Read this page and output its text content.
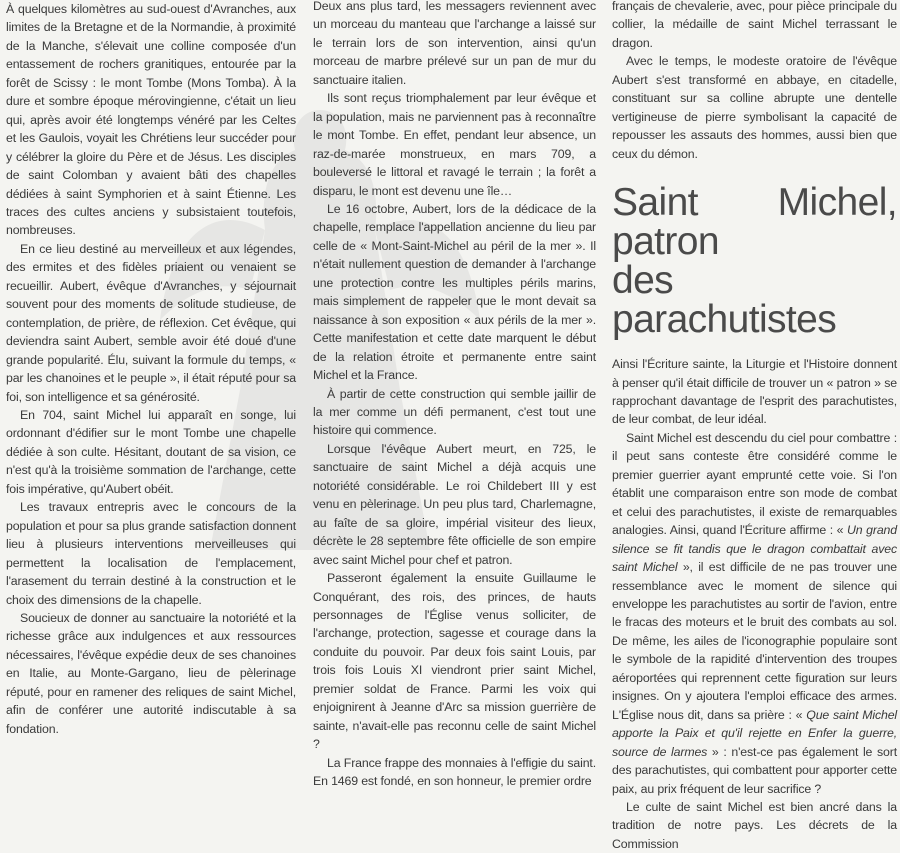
À quelques kilomètres au sud-ouest d'Avranches, aux limites de la Bretagne et de la Normandie, à proximité de la Manche, s'élevait une colline composée d'un entassement de rochers granitiques, entourée par la forêt de Scissy : le mont Tombe (Mons Tomba). À la dure et sombre époque mérovingienne, c'était un lieu qui, après avoir été longtemps vénéré par les Celtes et les Gaulois, voyait les Chrétiens leur succéder pour y célébrer la gloire du Père et de Jésus. Les disciples de saint Colomban y avaient bâti des chapelles dédiées à saint Symphorien et à saint Étienne. Les traces des cultes anciens y subsistaient toutefois, nombreuses.

En ce lieu destiné au merveilleux et aux légendes, des ermites et des fidèles priaient ou venaient se recueillir. Aubert, évêque d'Avranches, y séjournait souvent pour des moments de solitude studieuse, de contemplation, de prière, de réflexion. Cet évêque, qui deviendra saint Aubert, semble avoir été doué d'une grande popularité. Élu, suivant la formule du temps, « par les chanoines et le peuple », il était réputé pour sa foi, son intelligence et sa générosité.

En 704, saint Michel lui apparaît en songe, lui ordonnant d'édifier sur le mont Tombe une chapelle dédiée à son culte. Hésitant, doutant de sa vision, ce n'est qu'à la troisième sommation de l'archange, cette fois impérative, qu'Aubert obéit.

Les travaux entrepris avec le concours de la population et pour sa plus grande satisfaction donnent lieu à plusieurs interventions merveilleuses qui permettent la localisation de l'emplacement, l'arasement du terrain destiné à la construction et le choix des dimensions de la chapelle.

Soucieux de donner au sanctuaire la notoriété et la richesse grâce aux indulgences et aux ressources nécessaires, l'évêque expédie deux de ses chanoines en Italie, au Monte-Gargano, lieu de pèlerinage réputé, pour en ramener des reliques de saint Michel, afin de conférer une autorité indiscutable à sa fondation.

Deux ans plus tard, les messagers reviennent avec un morceau du manteau que l'archange a laissé sur le terrain lors de son intervention, ainsi qu'un morceau de marbre prélevé sur un pan de mur du sanctuaire italien.

Ils sont reçus triomphalement par leur évêque et la population, mais ne parviennent pas à reconnaître le mont Tombe. En effet, pendant leur absence, un raz-de-marée monstrueux, en mars 709, a bouleversé le littoral et ravagé le terrain ; la forêt a disparu, le mont est devenu une île…

Le 16 octobre, Aubert, lors de la dédicace de la chapelle, remplace l'appellation ancienne du lieu par celle de « Mont-Saint-Michel au péril de la mer ». Il n'était nullement question de demander à l'archange une protection contre les multiples périls marins, mais simplement de rappeler que le mont devait sa naissance à son exposition « aux périls de la mer ». Cette manifestation et cette date marquent le début de la relation étroite et permanente entre saint Michel et la France.

À partir de cette construction qui semble jaillir de la mer comme un défi permanent, c'est tout une histoire qui commence.

Lorsque l'évêque Aubert meurt, en 725, le sanctuaire de saint Michel a déjà acquis une notoriété considérable. Le roi Childebert III y est venu en pèlerinage. Un peu plus tard, Charlemagne, au faîte de sa gloire, impérial visiteur des lieux, décrète le 28 septembre fête officielle de son empire avec saint Michel pour chef et patron.

Passeront également la ensuite Guillaume le Conquérant, des rois, des princes, de hauts personnages de l'Église venus solliciter, de l'archange, protection, sagesse et courage dans la conduite du pouvoir. Par deux fois saint Louis, par trois fois Louis XI viendront prier saint Michel, premier soldat de France. Parmi les voix qui enjoignirent à Jeanne d'Arc sa mission guerrière de sainte, n'avait-elle pas reconnu celle de saint Michel ?

La France frappe des monnaies à l'effigie du saint. En 1469 est fondé, en son honneur, le premier ordre

français de chevalerie, avec, pour pièce principale du collier, la médaille de saint Michel terrassant le dragon.

Avec le temps, le modeste oratoire de l'évêque Aubert s'est transformé en abbaye, en citadelle, constituant sur sa colline abrupte une dentelle vertigineuse de pierre symbolisant la capacité de repousser les assauts des hommes, aussi bien que ceux du démon.

Saint Michel, patron
des parachutistes

Ainsi l'Écriture sainte, la Liturgie et l'Histoire donnent à penser qu'il était difficile de trouver un « patron » se rapprochant davantage de l'esprit des parachutistes, de leur combat, de leur idéal.

Saint Michel est descendu du ciel pour combattre : il peut sans conteste être considéré comme le premier guerrier ayant emprunté cette voie. Si l'on établit une comparaison entre son mode de combat et celui des parachutistes, il existe de remarquables analogies. Ainsi, quand l'Écriture affirme : « Un grand silence se fit tandis que le dragon combattait avec saint Michel », il est difficile de ne pas trouver une ressemblance avec le moment de silence qui enveloppe les parachutistes au sortir de l'avion, entre le fracas des moteurs et le bruit des combats au sol. De même, les ailes de l'iconographie populaire sont le symbole de la rapidité d'intervention des troupes aéroportées qui reprennent cette figuration sur leurs insignes. On y ajoutera l'emploi efficace des armes. L'Église nous dit, dans sa prière : « Que saint Michel apporte la Paix et qu'il rejette en Enfer la guerre, source de larmes » : n'est-ce pas également le sort des parachutistes, qui combattent pour apporter cette paix, au prix fréquent de leur sacrifice ?

Le culte de saint Michel est bien ancré dans la tradition de notre pays. Les décrets de la Commission
